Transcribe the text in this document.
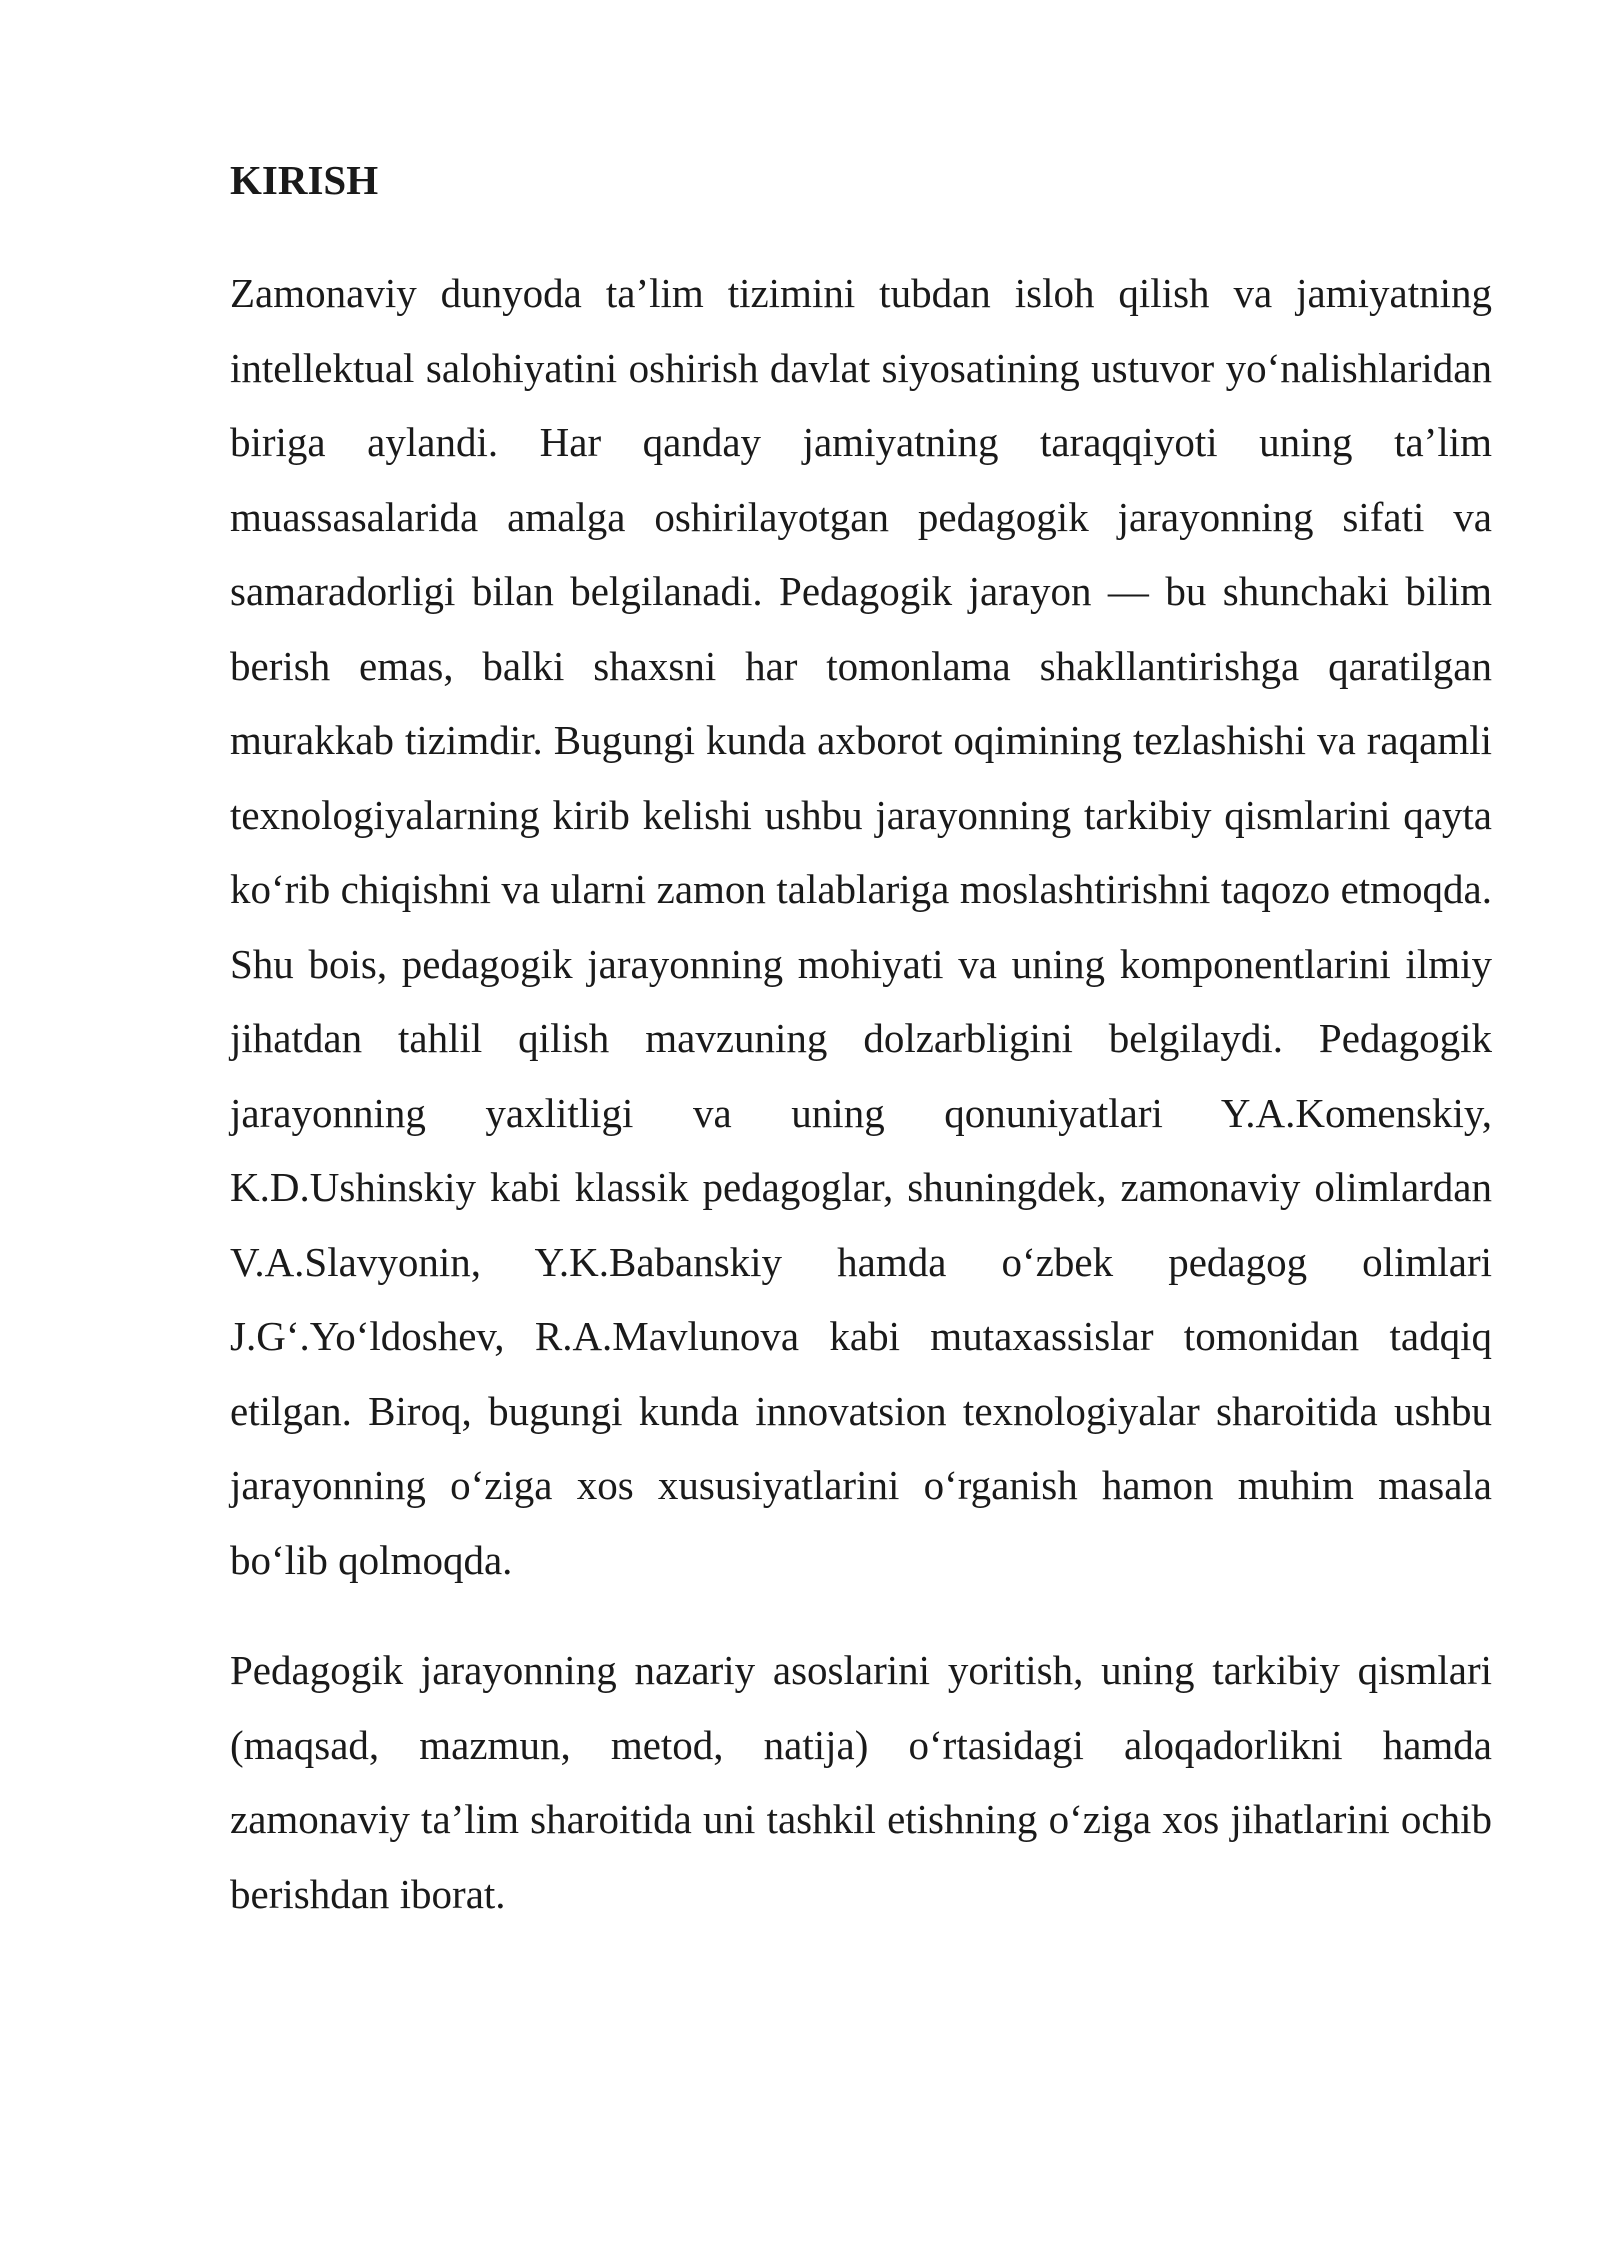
KIRISH

Zamonaviy dunyoda ta’lim tizimini tubdan isloh qilish va jamiyatning intellektual salohiyatini oshirish davlat siyosatining ustuvor yo‘nalishlaridan biriga aylandi. Har qanday jamiyatning taraqqiyoti uning ta’lim muassasalarida amalga oshirilayotgan pedagogik jarayonning sifati va samaradorligi bilan belgilanadi. Pedagogik jarayon — bu shunchaki bilim berish emas, balki shaxsni har tomonlama shakllantirishga qaratilgan murakkab tizimdir. Bugungi kunda axborot oqimining tezlashishi va raqamli texnologiyalarning kirib kelishi ushbu jarayonning tarkibiy qismlarini qayta ko‘rib chiqishni va ularni zamon talablariga moslashtirishni taqozo etmoqda. Shu bois, pedagogik jarayonning mohiyati va uning komponentlarini ilmiy jihatdan tahlil qilish mavzuning dolzarbligini belgilaydi. Pedagogik jarayonning yaxlitligi va uning qonuniyatlari Y.A.Komenskiy, K.D.Ushinskiy kabi klassik pedagoglar, shuningdek, zamonaviy olimlardan V.A.Slavyonin, Y.K.Babanskiy hamda o‘zbek pedagog olimlari J.G‘.Yo‘ldoshev, R.A.Mavlunova kabi mutaxassislar tomonidan tadqiq etilgan. Biroq, bugungi kunda innovatsion texnologiyalar sharoitida ushbu jarayonning o‘ziga xos xususiyatlarini o‘rganish hamon muhim masala bo‘lib qolmoqda.

Pedagogik jarayonning nazariy asoslarini yoritish, uning tarkibiy qismlari (maqsad, mazmun, metod, natija) o‘rtasidagi aloqadorlikni hamda zamonaviy ta’lim sharoitida uni tashkil etishning o‘ziga xos jihatlarini ochib berishdan iborat.
